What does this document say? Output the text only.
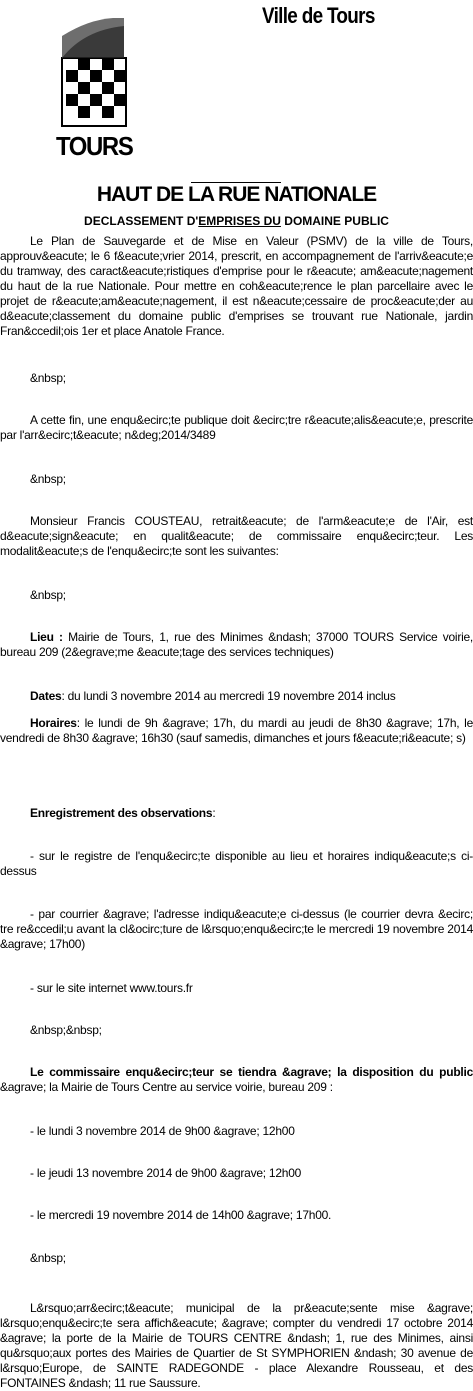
TOURS
Ville de Tours
HAUT DE LA RUE NATIONALE
DECLASSEMENT D'EMPRISES DU DOMAINE PUBLIC
Le Plan de Sauvegarde et de Mise en Valeur (PSMV) de la ville de Tours, approuv&eacute; le 6 f&eacute;vrier 2014, prescrit, en accompagnement de l'arriv&eacute;e du tramway, des caract&eacute;ristiques d'emprise pour le r&eacute; am&eacute;nagement du haut de la rue Nationale. Pour mettre en coh&eacute;rence le plan parcellaire avec le projet de r&eacute;am&eacute;nagement, il est n&eacute;cessaire de proc&eacute;der au d&eacute;classement du domaine public d'emprises se trouvant rue Nationale, jardin Fran&ccedil;ois 1er et place Anatole France.
&nbsp;
A cette fin, une enqu&ecirc;te publique doit &ecirc;tre r&eacute;alis&eacute;e, prescrite par l'arr&ecirc;t&eacute; n&deg;2014/3489
&nbsp;
Monsieur Francis COUSTEAU, retrait&eacute; de l'arm&eacute;e de l'Air, est d&eacute;sign&eacute; en qualit&eacute; de commissaire enqu&ecirc;teur. Les modalit&eacute;s de l'enqu&ecirc;te sont les suivantes:
&nbsp;
Lieu : Mairie de Tours, 1, rue des Minimes &ndash; 37000 TOURS Service voirie, bureau 209 (2&egrave;me &eacute;tage des services techniques)
Dates: du lundi 3 novembre 2014 au mercredi 19 novembre 2014 inclus
Horaires: le lundi de 9h &agrave; 17h, du mardi au jeudi de 8h30 &agrave; 17h, le vendredi de 8h30 &agrave; 16h30 (sauf samedis, dimanches et jours f&eacute;ri&eacute; s)
Enregistrement des observations:
- sur le registre de l'enqu&ecirc;te disponible au lieu et horaires indiqu&eacute;s ci-dessus
- par courrier &agrave; l'adresse indiqu&eacute;e ci-dessus (le courrier devra &ecirc; tre re&ccedil;u avant la cl&ocirc;ture de l&rsquo;enqu&ecirc;te le mercredi 19 novembre 2014 &agrave; 17h00)
- sur le site internet www.tours.fr
&nbsp;&nbsp;
Le commissaire enqu&ecirc;teur se tiendra &agrave; la disposition du public &agrave; la Mairie de Tours Centre au service voirie, bureau 209 :
- le lundi 3 novembre 2014 de 9h00 &agrave; 12h00
- le jeudi 13 novembre 2014 de 9h00 &agrave; 12h00
- le mercredi 19 novembre 2014 de 14h00 &agrave; 17h00.
&nbsp;
L&rsquo;arr&ecirc;t&eacute; municipal de la pr&eacute;sente mise &agrave; l&rsquo;enqu&ecirc;te sera affich&eacute; &agrave; compter du vendredi 17 octobre 2014 &agrave; la porte de la Mairie de TOURS CENTRE &ndash; 1, rue des Minimes, ainsi qu&rsquo;aux portes des Mairies de Quartier de St SYMPHORIEN &ndash; 30 avenue de l&rsquo;Europe, de SAINTE RADEGONDE - place Alexandre Rousseau, et des FONTAINES &ndash; 11 rue Saussure.
